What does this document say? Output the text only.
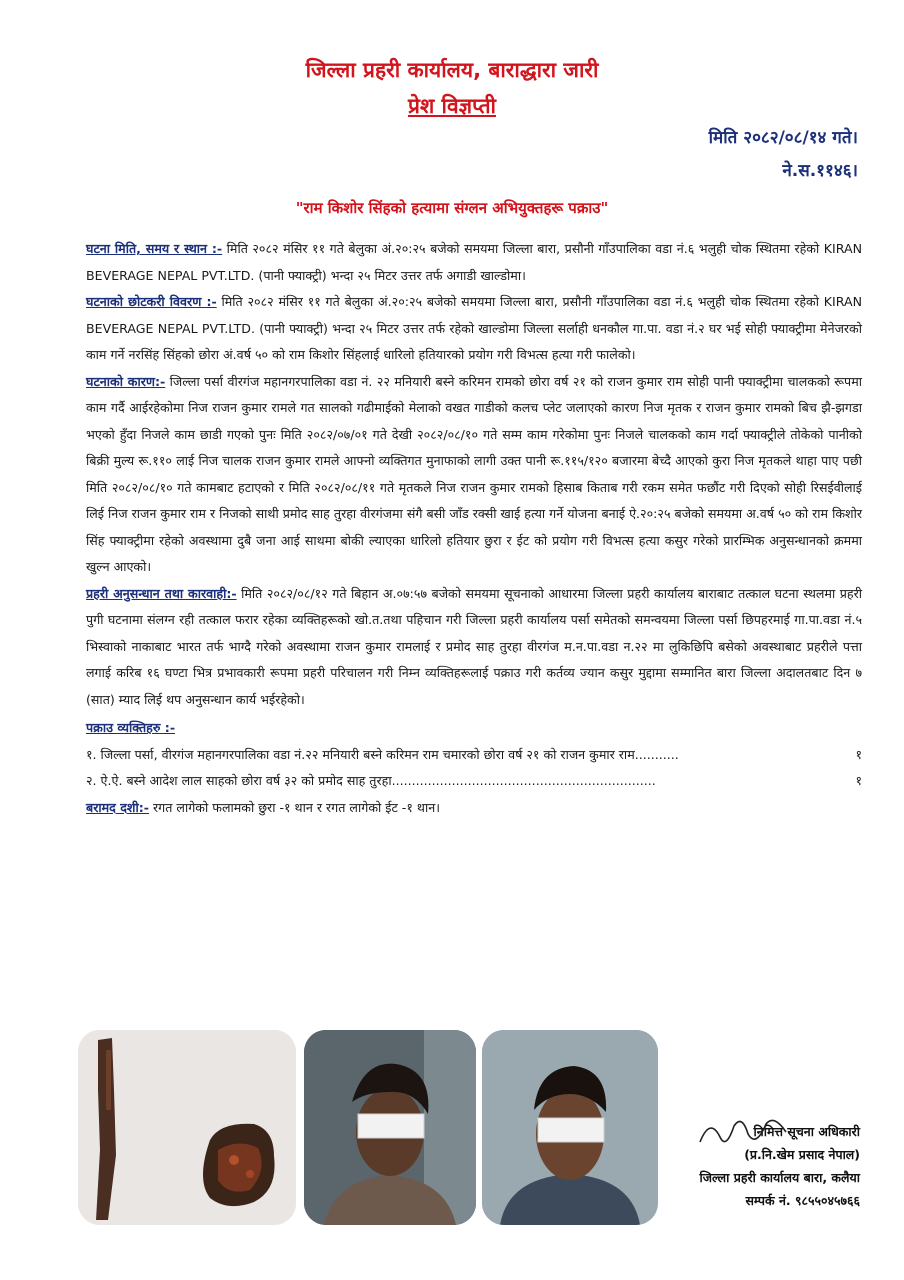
जिल्ला प्रहरी कार्यालय, बाराद्धारा जारी
प्रेश विज्ञप्ती
मिति २०८२/०८/१४ गते।
ने.स.११४६।
"राम किशोर सिंहको हत्यामा संग्लन अभियुक्तहरू पक्राउ"

घटना मिति, समय र स्थान :- मिति २०८२ मंसिर ११ गते बेलुका अं.२०:२५ बजेको समयमा जिल्ला बारा, प्रसौनी गाँउपालिका वडा नं.६ भलुही चोक स्थितमा रहेको KIRAN BEVERAGE NEPAL PVT.LTD. (पानी फ्याक्ट्री) भन्दा २५ मिटर उत्तर तर्फ अगाडी खाल्डोमा।

घटनाको छोटकरी विवरण :- मिति २०८२ मंसिर ११ गते बेलुका अं.२०:२५ बजेको समयमा जिल्ला बारा, प्रसौनी गाँउपालिका वडा नं.६ भलुही चोक स्थितमा रहेको KIRAN BEVERAGE NEPAL PVT.LTD. (पानी फ्याक्ट्री) भन्दा २५ मिटर उत्तर तर्फ रहेको खाल्डोमा जिल्ला सर्लाही धनकौल गा.पा. वडा नं.२ घर भई सोही फ्याक्ट्रीमा मेनेजरको काम गर्ने नरसिंह सिंहको छोरा अं.वर्ष ५० को राम किशोर सिंहलाई धारिलो हतियारको प्रयोग गरी विभत्स हत्या गरी फालेको।

घटनाको कारण:- जिल्ला पर्सा वीरगंज महानगरपालिका वडा नं. २२ मनियारी बस्ने करिमन रामको छोरा वर्ष २१ को राजन कुमार राम सोही पानी फ्याक्ट्रीमा चालकको रूपमा काम गर्दै आईरहेकोमा निज राजन कुमार रामले गत सालको गढीमाईको मेलाको वखत गाडीको कलच प्लेट जलाएको कारण निज मृतक र राजन कुमार रामको बिच झै-झगडा भएको हुँदा निजले काम छाडी गएको पुनः मिति २०८२/०७/०१ गते देखी २०८२/०८/१० गते सम्म काम गरेकोमा पुनः निजले चालकको काम गर्दा फ्याक्ट्रीले तोकेको पानीको बिक्री मुल्य रू.११० लाई निज चालक राजन कुमार रामले आफ्नो व्यक्तिगत मुनाफाको लागी उक्त पानी रू.११५/१२० बजारमा बेच्दै आएको कुरा निज मृतकले थाहा पाए पछी मिति २०८२/०८/१० गते कामबाट हटाएको र मिति २०८२/०८/११ गते मृतकले निज राजन कुमार रामको हिसाब किताब गरी रकम समेत फछौंट गरी दिएको सोही रिसईवीलाई लिई निज राजन कुमार राम र निजको साथी प्रमोद साह तुरहा वीरगंजमा संगै बसी जाँड रक्सी खाई हत्या गर्ने योजना बनाई ऐ.२०:२५ बजेको समयमा अ.वर्ष ५० को राम किशोर सिंह फ्याक्ट्रीमा रहेको अवस्थामा दुबै जना आई साथमा बोकी ल्याएका धारिलो हतियार छुरा र ईट को प्रयोग गरी विभत्स हत्या कसुर गरेको प्रारम्भिक अनुसन्धानको क्रममा खुल्न आएको।

प्रहरी अनुसन्धान तथा कारवाही:- मिति २०८२/०८/१२ गते बिहान अ.०७:५७ बजेको समयमा सूचनाको आधारमा जिल्ला प्रहरी कार्यालय बाराबाट तत्काल घटना स्थलमा प्रहरी पुगी घटनामा संलग्न रही तत्काल फरार रहेका व्यक्तिहरूको खो.त.तथा पहिचान गरी जिल्ला प्रहरी कार्यालय पर्सा समेतको समन्वयमा जिल्ला पर्सा छिपहरमाई गा.पा.वडा नं.५ भिस्वाको नाकाबाट भारत तर्फ भाग्दै गरेको अवस्थामा राजन कुमार रामलाई र प्रमोद साह तुरहा वीरगंज म.न.पा.वडा न.२२ मा लुकिछिपि बसेको अवस्थाबाट प्रहरीले पत्ता लगाई करिब १६ घण्टा भित्र प्रभावकारी रूपमा प्रहरी परिचालन गरी निम्न व्यक्तिहरूलाई पक्राउ गरी कर्तव्य ज्यान कसुर मुद्दामा सम्मानित बारा जिल्ला अदालतबाट दिन ७ (सात) म्याद लिई थप अनुसन्धान कार्य भईरहेको।

पक्राउ व्यक्तिहरु :-

१. जिल्ला पर्सा, वीरगंज महानगरपालिका वडा नं.२२ मनियारी बस्ने करिमन राम चमारको छोरा वर्ष २१ को राजन कुमार राम...........	१
२. ऐ.ऐ. बस्ने आदेश लाल साहको छोरा वर्ष ३२ को प्रमोद साह तुरहा..................................................................	१

बरामद दशी:- रगत लागेको फलामको छुरा -१ थान र रगत लागेको ईट -१ थान।

निमित्त सूचना अधिकारी
(प्र.नि.खेम प्रसाद नेपाल)
जिल्ला प्रहरी कार्यालय बारा, कलैया
सम्पर्क नं. ९८५५०४५७६६
